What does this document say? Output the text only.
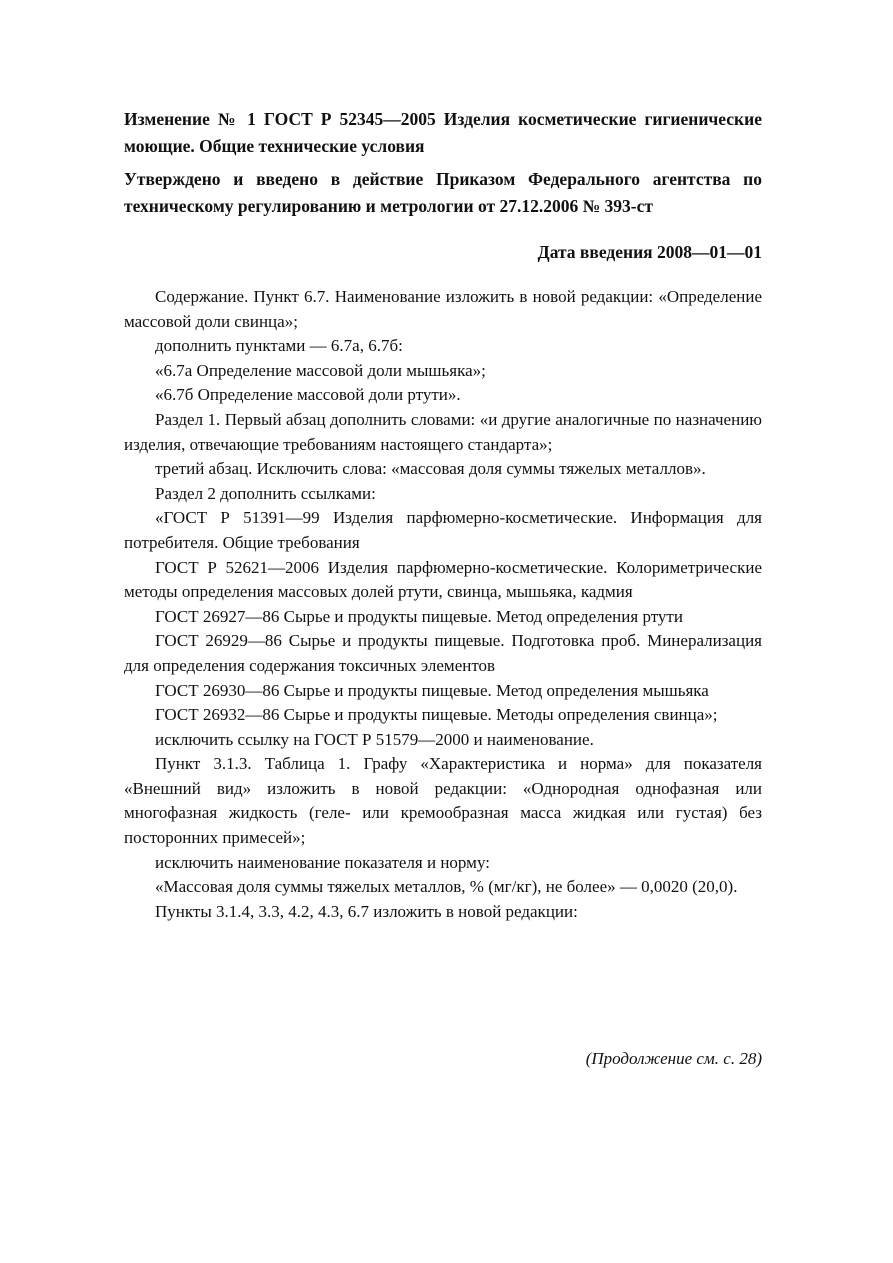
Изменение № 1 ГОСТ Р 52345—2005 Изделия косметические гигиенические моющие. Общие технические условия

Утверждено и введено в действие Приказом Федерального агентства по техническому регулированию и метрологии от 27.12.2006 № 393-ст

Дата введения 2008—01—01

Содержание. Пункт 6.7. Наименование изложить в новой редакции: «Определение массовой доли свинца»;

дополнить пунктами — 6.7а, 6.7б:

«6.7а Определение массовой доли мышьяка»;

«6.7б Определение массовой доли ртути».

Раздел 1. Первый абзац дополнить словами: «и другие аналогичные по назначению изделия, отвечающие требованиям настоящего стандарта»;

третий абзац. Исключить слова: «массовая доля суммы тяжелых металлов».

Раздел 2 дополнить ссылками:

«ГОСТ Р 51391—99 Изделия парфюмерно-косметические. Информация для потребителя. Общие требования

ГОСТ Р 52621—2006 Изделия парфюмерно-косметические. Колориметрические методы определения массовых долей ртути, свинца, мышьяка, кадмия

ГОСТ 26927—86 Сырье и продукты пищевые. Метод определения ртути

ГОСТ 26929—86 Сырье и продукты пищевые. Подготовка проб. Минерализация для определения содержания токсичных элементов

ГОСТ 26930—86 Сырье и продукты пищевые. Метод определения мышьяка

ГОСТ 26932—86 Сырье и продукты пищевые. Методы определения свинца»;

исключить ссылку на ГОСТ Р 51579—2000 и наименование.

Пункт 3.1.3. Таблица 1. Графу «Характеристика и норма» для показателя «Внешний вид» изложить в новой редакции: «Однородная однофазная или многофазная жидкость (геле- или кремообразная масса жидкая или густая) без посторонних примесей»;

исключить наименование показателя и норму:

«Массовая доля суммы тяжелых металлов, % (мг/кг), не более» — 0,0020 (20,0).

Пункты 3.1.4, 3.3, 4.2, 4.3, 6.7 изложить в новой редакции:

(Продолжение см. с. 28)
